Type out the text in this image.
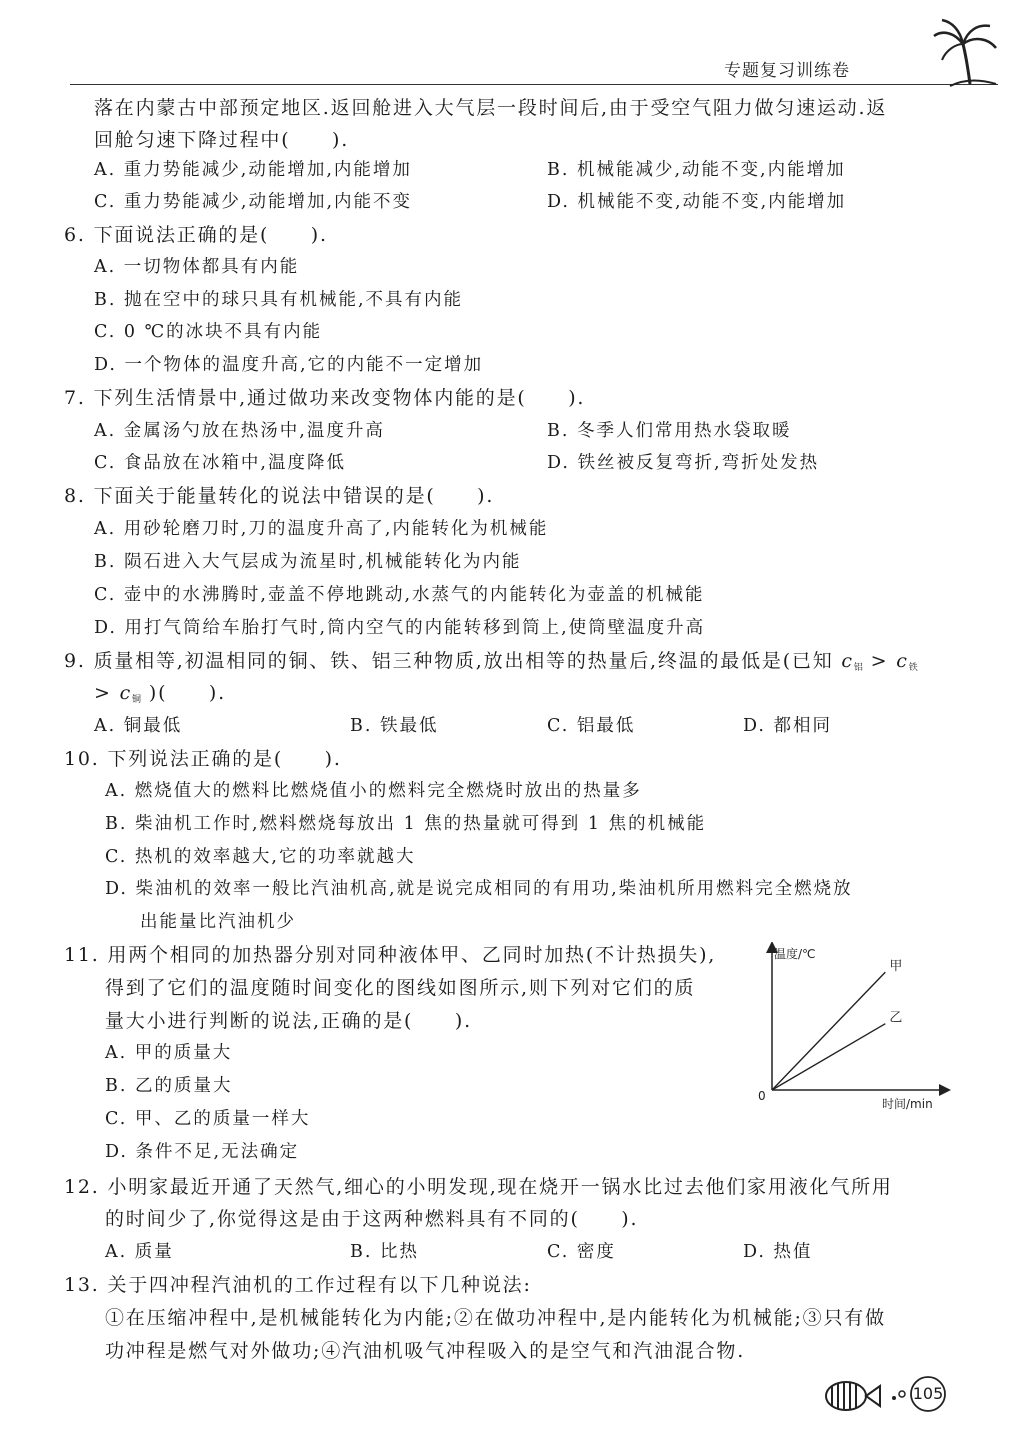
专题复习训练卷
落在内蒙古中部预定地区.返回舱进入大气层一段时间后,由于受空气阻力做匀速运动.返
回舱匀速下降过程中(　　).
A. 重力势能减少,动能增加,内能增加	B. 机械能减少,动能不变,内能增加
C. 重力势能减少,动能增加,内能不变	D. 机械能不变,动能不变,内能增加
6. 下面说法正确的是(　　).
A. 一切物体都具有内能
B. 抛在空中的球只具有机械能,不具有内能
C. 0 ℃的冰块不具有内能
D. 一个物体的温度升高,它的内能不一定增加
7. 下列生活情景中,通过做功来改变物体内能的是(　　).
A. 金属汤勺放在热汤中,温度升高	B. 冬季人们常用热水袋取暖
C. 食品放在冰箱中,温度降低	D. 铁丝被反复弯折,弯折处发热
8. 下面关于能量转化的说法中错误的是(　　).
A. 用砂轮磨刀时,刀的温度升高了,内能转化为机械能
B. 陨石进入大气层成为流星时,机械能转化为内能
C. 壶中的水沸腾时,壶盖不停地跳动,水蒸气的内能转化为壶盖的机械能
D. 用打气筒给车胎打气时,筒内空气的内能转移到筒上,使筒壁温度升高
9. 质量相等,初温相同的铜、铁、铝三种物质,放出相等的热量后,终温的最低是(已知 $c_铝 > c_铁$
> $c_铜$ )(　　).
A. 铜最低	B. 铁最低	C. 铝最低	D. 都相同
10. 下列说法正确的是(　　).
A. 燃烧值大的燃料比燃烧值小的燃料完全燃烧时放出的热量多
B. 柴油机工作时,燃料燃烧每放出 1 焦的热量就可得到 1 焦的机械能
C. 热机的效率越大,它的功率就越大
D. 柴油机的效率一般比汽油机高,就是说完成相同的有用功,柴油机所用燃料完全燃烧放
出能量比汽油机少
11. 用两个相同的加热器分别对同种液体甲、乙同时加热(不计热损失),
得到了它们的温度随时间变化的图线如图所示,则下列对它们的质
量大小进行判断的说法,正确的是(　　).
A. 甲的质量大
B. 乙的质量大
C. 甲、乙的质量一样大
D. 条件不足,无法确定
温度/℃
时间/min
0
甲
乙
12. 小明家最近开通了天然气,细心的小明发现,现在烧开一锅水比过去他们家用液化气所用
的时间少了,你觉得这是由于这两种燃料具有不同的(　　).
A. 质量	B. 比热	C. 密度	D. 热值
13. 关于四冲程汽油机的工作过程有以下几种说法:
①在压缩冲程中,是机械能转化为内能;②在做功冲程中,是内能转化为机械能;③只有做
功冲程是燃气对外做功;④汽油机吸气冲程吸入的是空气和汽油混合物.
105
